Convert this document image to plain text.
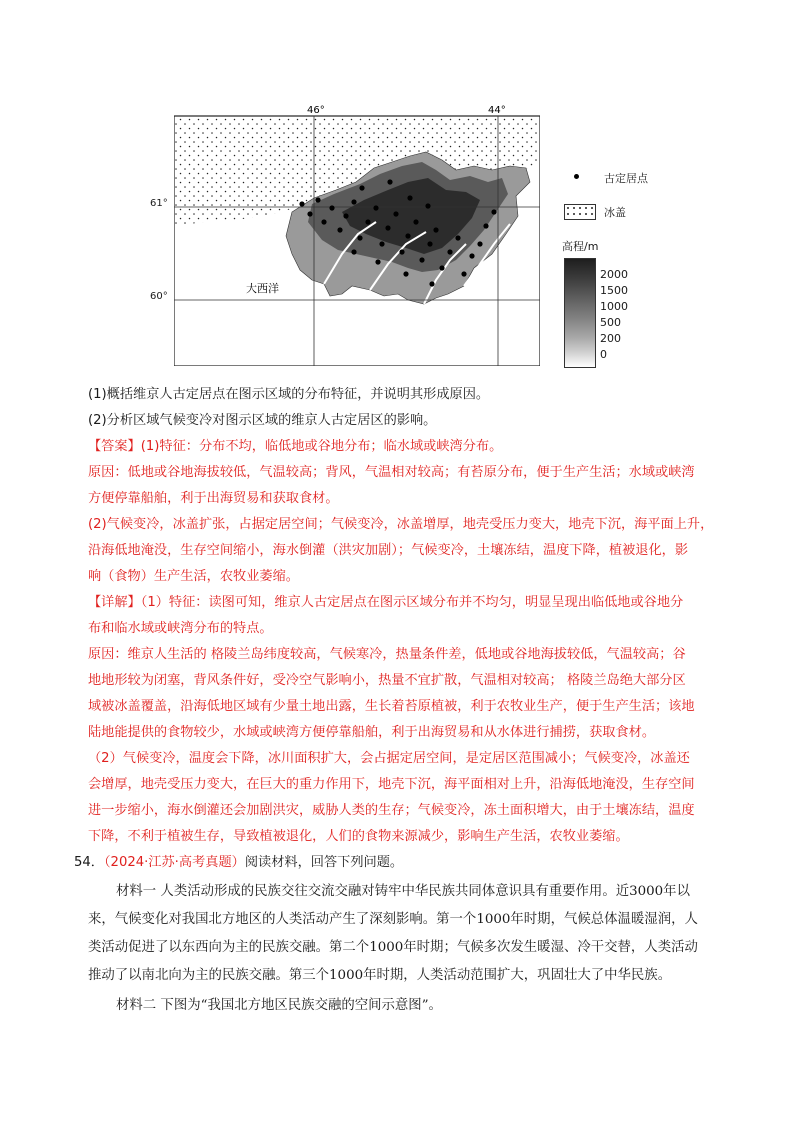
46°	44°
大西洋
61°
60°
古定居点
冰盖
高程/m
2000
1500
1000
500
200
0
(1)概括维京人古定居点在图示区域的分布特征，并说明其形成原因。
(2)分析区域气候变冷对图示区域的维京人古定居区的影响。
【答案】(1)特征：分布不均，临低地或谷地分布；临水域或峡湾分布。
原因：低地或谷地海拔较低，气温较高；背风，气温相对较高；有苔原分布，便于生产生活；水域或峡湾
方便停靠船舶，利于出海贸易和获取食材。
(2)气候变冷，冰盖扩张，占据定居空间；气候变冷，冰盖增厚，地壳受压力变大，地壳下沉，海平面上升，
沿海低地淹没，生存空间缩小，海水倒灌（洪灾加剧）；气候变冷，土壤冻结，温度下降，植被退化，影
响（食物）生产生活，农牧业萎缩。
【详解】（1）特征：读图可知，维京人古定居点在图示区域分布并不均匀，明显呈现出临低地或谷地分
布和临水域或峡湾分布的特点。
原因：维京人生活的 格陵兰岛纬度较高，气候寒冷，热量条件差，低地或谷地海拔较低，气温较高；谷
地地形较为闭塞，背风条件好，受冷空气影响小，热量不宜扩散，气温相对较高； 格陵兰岛绝大部分区
域被冰盖覆盖，沿海低地区域有少量土地出露，生长着苔原植被，利于农牧业生产，便于生产生活；该地
陆地能提供的食物较少，水域或峡湾方便停靠船舶，利于出海贸易和从水体进行捕捞，获取食材。
（2）气候变冷，温度会下降，冰川面积扩大，会占据定居空间，是定居区范围减小；气候变冷，冰盖还
会增厚，地壳受压力变大，在巨大的重力作用下，地壳下沉，海平面相对上升，沿海低地淹没，生存空间
进一步缩小，海水倒灌还会加剧洪灾，威胁人类的生存；气候变冷，冻土面积增大，由于土壤冻结，温度
下降，不利于植被生存，导致植被退化，人们的食物来源减少，影响生产生活，农牧业萎缩。
54．（2024·江苏·高考真题）阅读材料，回答下列问题。
材料一 人类活动形成的民族交往交流交融对铸牢中华民族共同体意识具有重要作用。近3000年以
来，气候变化对我国北方地区的人类活动产生了深刻影响。第一个1000年时期，气候总体温暖湿润，人
类活动促进了以东西向为主的民族交融。第二个1000年时期；气候多次发生暖湿、冷干交替，人类活动
推动了以南北向为主的民族交融。第三个1000年时期，人类活动范围扩大，巩固壮大了中华民族。
材料二 下图为“我国北方地区民族交融的空间示意图”。
